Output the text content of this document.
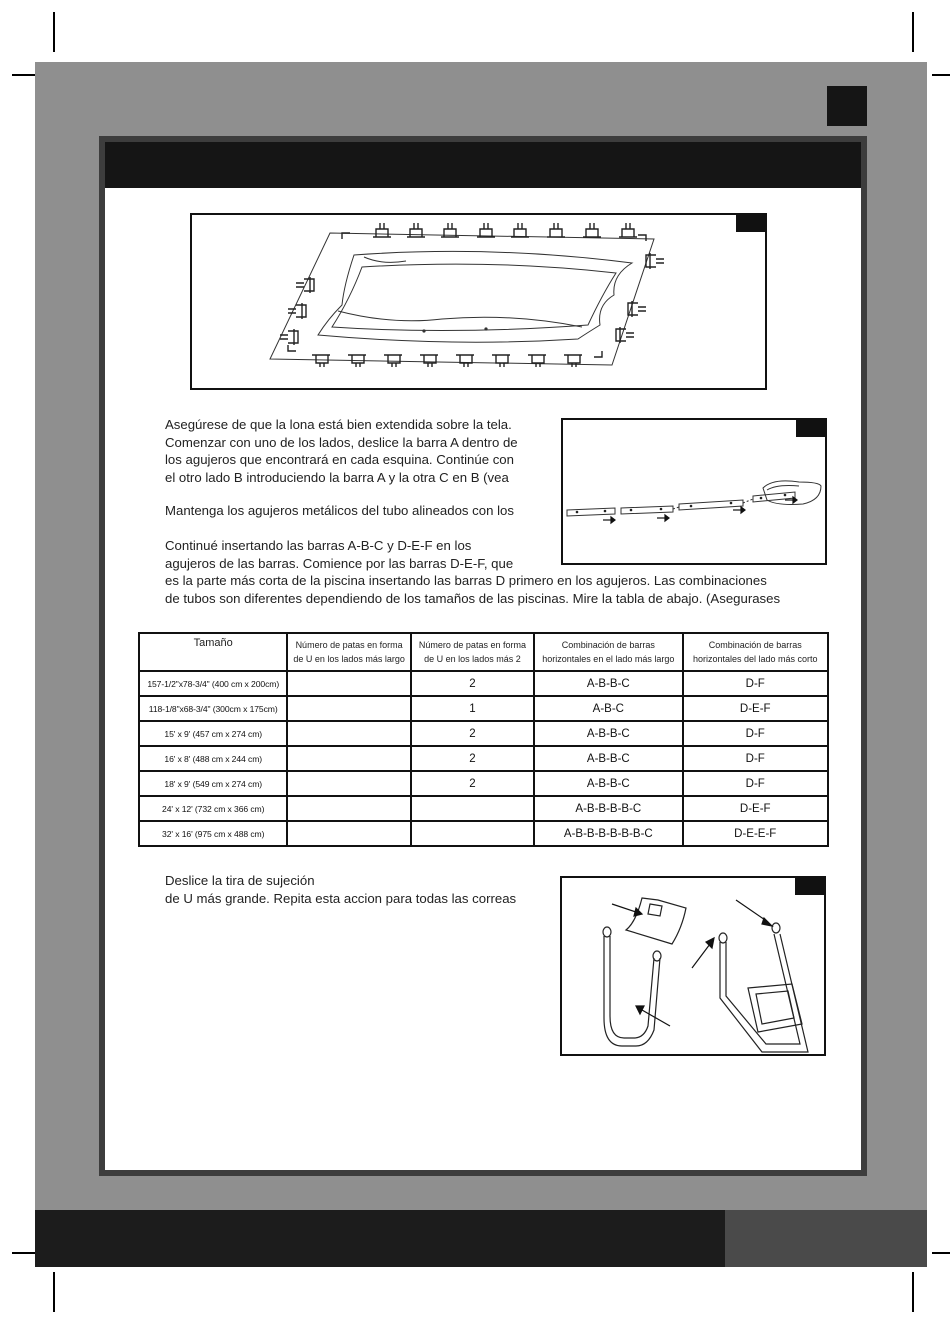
Asegúrese de que la lona está bien extendida sobre la tela.
Comenzar con uno de los lados, deslice la barra A dentro de
los agujeros que encontrará en cada esquina. Continúe con
el otro lado B introduciendo la barra A y la otra C en B (vea
Mantenga los agujeros metálicos del tubo alineados con los
Continué insertando las barras A-B-C y D-E-F en los
agujeros de las barras. Comience por las barras D-E-F, que
es la parte más corta de la piscina insertando las barras D primero en los agujeros. Las combinaciones
de tubos son diferentes dependiendo de los tamaños de las piscinas. Mire la tabla de abajo. (Asegurases
Tamaño	Número de patas en forma de U en los lados más largo	Número de patas en forma de U en los lados más 2	Combinación de barras horizontales en el lado más largo	Combinación de barras horizontales del lado más corto
157-1/2"x78-3/4" (400 cm x 200cm)		2	A-B-B-C	D-F
118-1/8"x68-3/4" (300cm x 175cm)		1	A-B-C	D-E-F
15' x 9' (457 cm x 274 cm)		2	A-B-B-C	D-F
16' x 8' (488 cm x 244 cm)		2	A-B-B-C	D-F
18' x 9' (549 cm x 274 cm)		2	A-B-B-C	D-F
24' x 12' (732 cm x 366 cm)			A-B-B-B-B-C	D-E-F
32' x 16' (975 cm x 488 cm)			A-B-B-B-B-B-B-C	D-E-E-F
Deslice la tira de sujeción
de U más grande. Repita esta accion para todas las correas
